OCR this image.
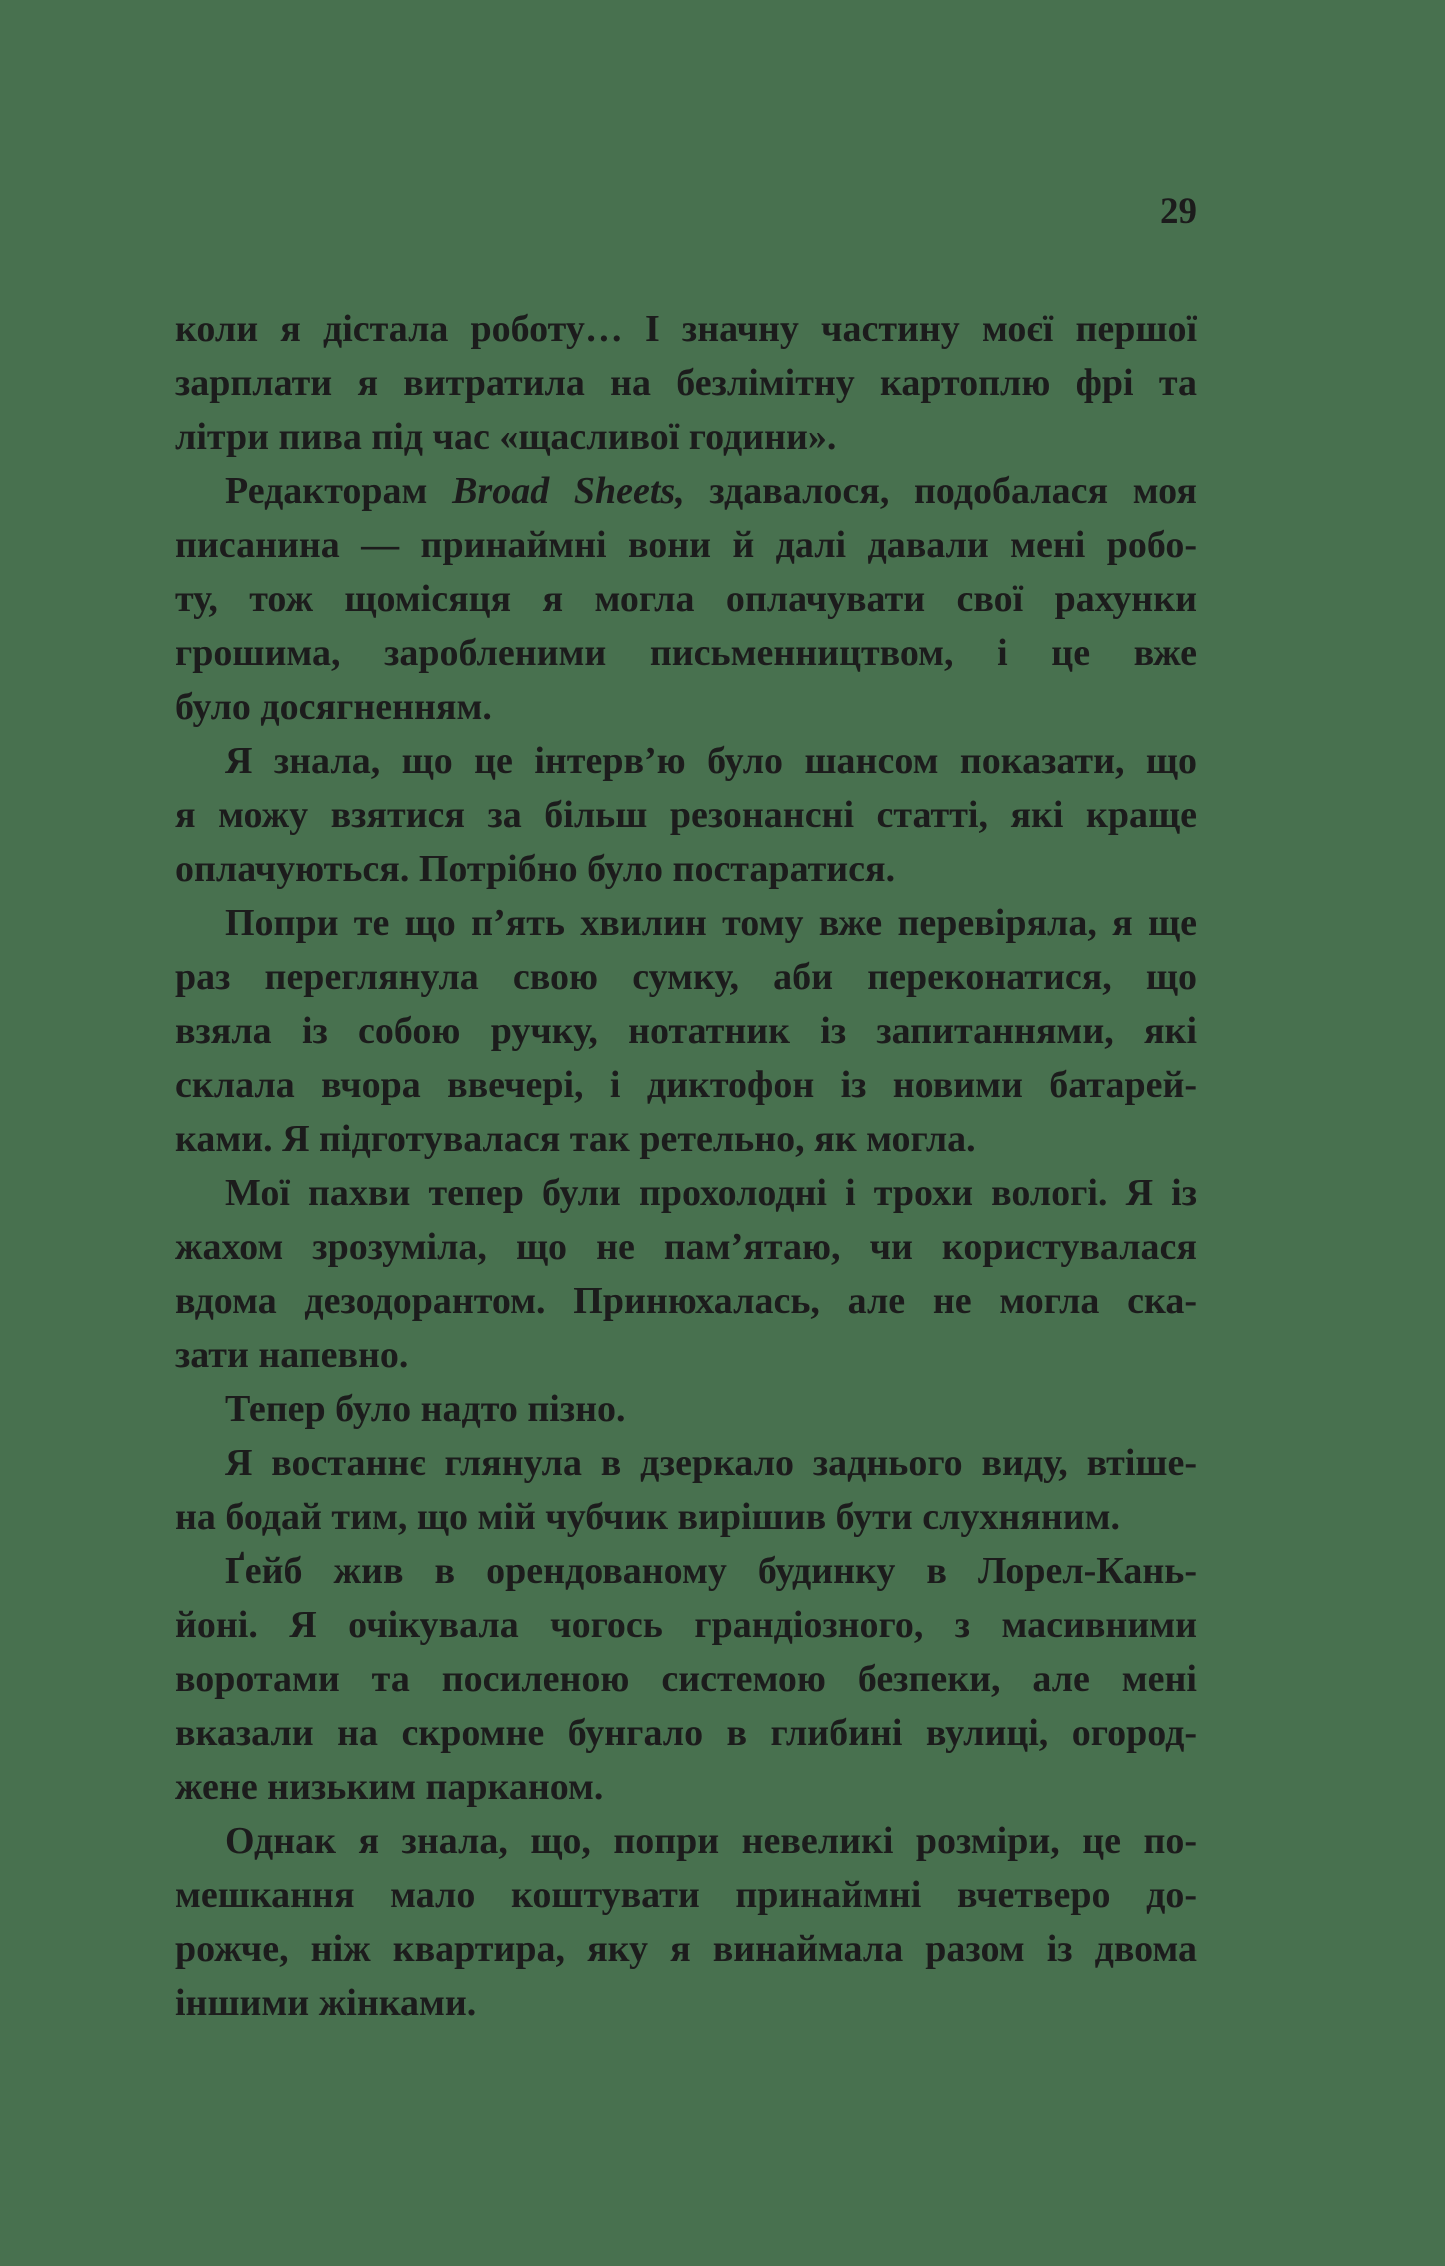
29
коли я дістала роботу… І значну частину моєї першої
зарплати я витратила на безлімітну картоплю фрі та
літри пива під час «щасливої години».
Редакторам Broad Sheets, здавалося, подобалася моя
писанина — принаймні вони й далі давали мені робо-
ту, тож щомісяця я могла оплачувати свої рахунки
грошима, заробленими письменництвом, і це вже
було досягненням.
Я знала, що це інтерв’ю було шансом показати, що
я можу взятися за більш резонансні статті, які краще
оплачуються. Потрібно було постаратися.
Попри те що п’ять хвилин тому вже перевіряла, я ще
раз переглянула свою сумку, аби переконатися, що
взяла із собою ручку, нотатник із запитаннями, які
склала вчора ввечері, і диктофон із новими батарей-
ками. Я підготувалася так ретельно, як могла.
Мої пахви тепер були прохолодні і трохи вологі. Я із
жахом зрозуміла, що не пам’ятаю, чи користувалася
вдома дезодорантом. Принюхалась, але не могла ска-
зати напевно.
Тепер було надто пізно.
Я востаннє глянула в дзеркало заднього виду, втіше-
на бодай тим, що мій чубчик вирішив бути слухняним.
Ґейб жив в орендованому будинку в Лорел-Кань-
йоні. Я очікувала чогось грандіозного, з масивними
воротами та посиленою системою безпеки, але мені
вказали на скромне бунгало в глибині вулиці, огород-
жене низьким парканом.
Однак я знала, що, попри невеликі розміри, це по-
мешкання мало коштувати принаймні вчетверо до-
рожче, ніж квартира, яку я винаймала разом із двома
іншими жінками.
